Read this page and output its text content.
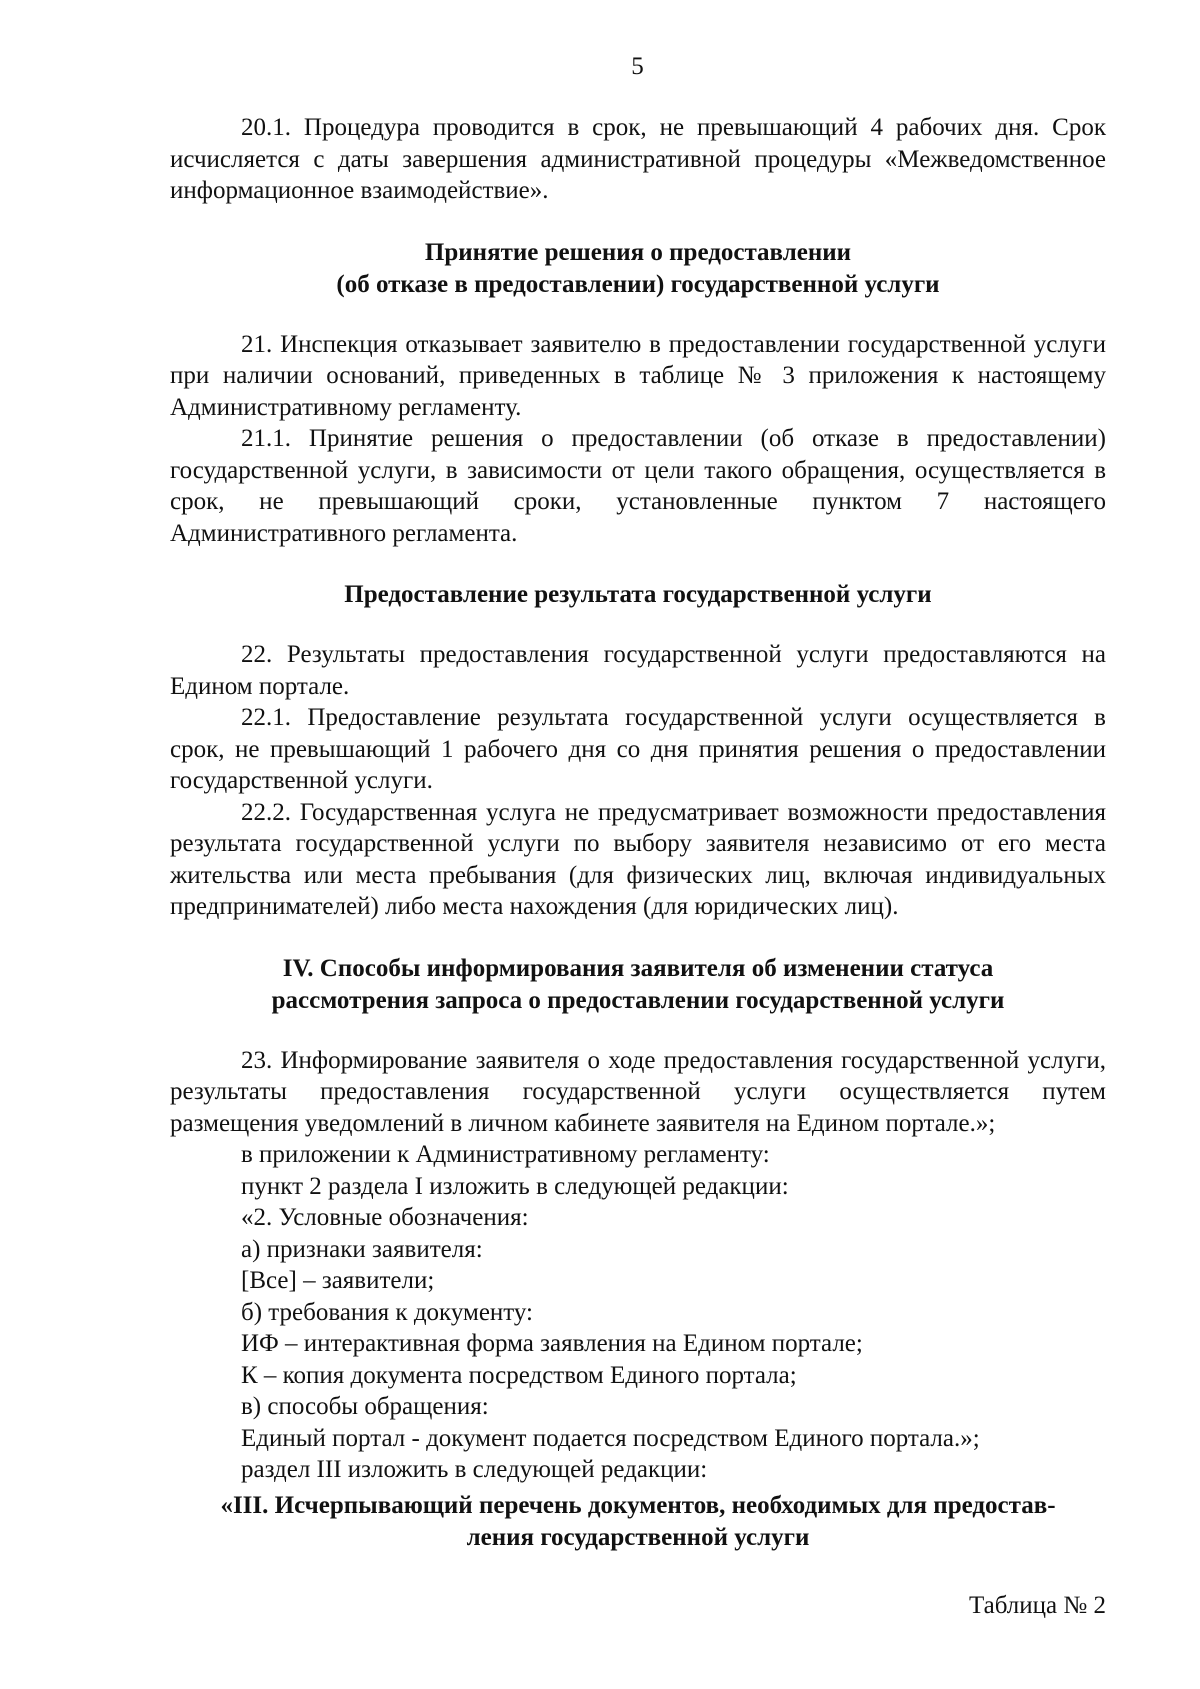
5

20.1. Процедура проводится в срок, не превышающий 4 рабочих дня. Срок исчисляется с даты завершения административной процедуры «Межведомственное информационное взаимодействие».

Принятие решения о предоставлении
(об отказе в предоставлении) государственной услуги

21. Инспекция отказывает заявителю в предоставлении государственной услуги при наличии оснований, приведенных в таблице № 3 приложения к настоящему Административному регламенту.

21.1. Принятие решения о предоставлении (об отказе в предоставлении) государственной услуги, в зависимости от цели такого обращения, осуществляется в срок, не превышающий сроки, установленные пунктом 7 настоящего Административного регламента.

Предоставление результата государственной услуги

22. Результаты предоставления государственной услуги предоставляются на Едином портале.

22.1. Предоставление результата государственной услуги осуществляется в срок, не превышающий 1 рабочего дня со дня принятия решения о предоставлении государственной услуги.

22.2. Государственная услуга не предусматривает возможности предоставления результата государственной услуги по выбору заявителя независимо от его места жительства или места пребывания (для физических лиц, включая индивидуальных предпринимателей) либо места нахождения (для юридических лиц).

IV. Способы информирования заявителя об изменении статуса
рассмотрения запроса о предоставлении государственной услуги

23. Информирование заявителя о ходе предоставления государственной услуги, результаты предоставления государственной услуги осуществляется путем размещения уведомлений в личном кабинете заявителя на Едином портале.»;

в приложении к Административному регламенту:

пункт 2 раздела I изложить в следующей редакции:

«2. Условные обозначения:

а) признаки заявителя:

[Все] – заявители;

б) требования к документу:

ИФ – интерактивная форма заявления на Едином портале;

К – копия документа посредством Единого портала;

в) способы обращения:

Единый портал - документ подается посредством Единого портала.»;

раздел III изложить в следующей редакции:

«III. Исчерпывающий перечень документов, необходимых для предостав-
ления государственной услуги

Таблица № 2
